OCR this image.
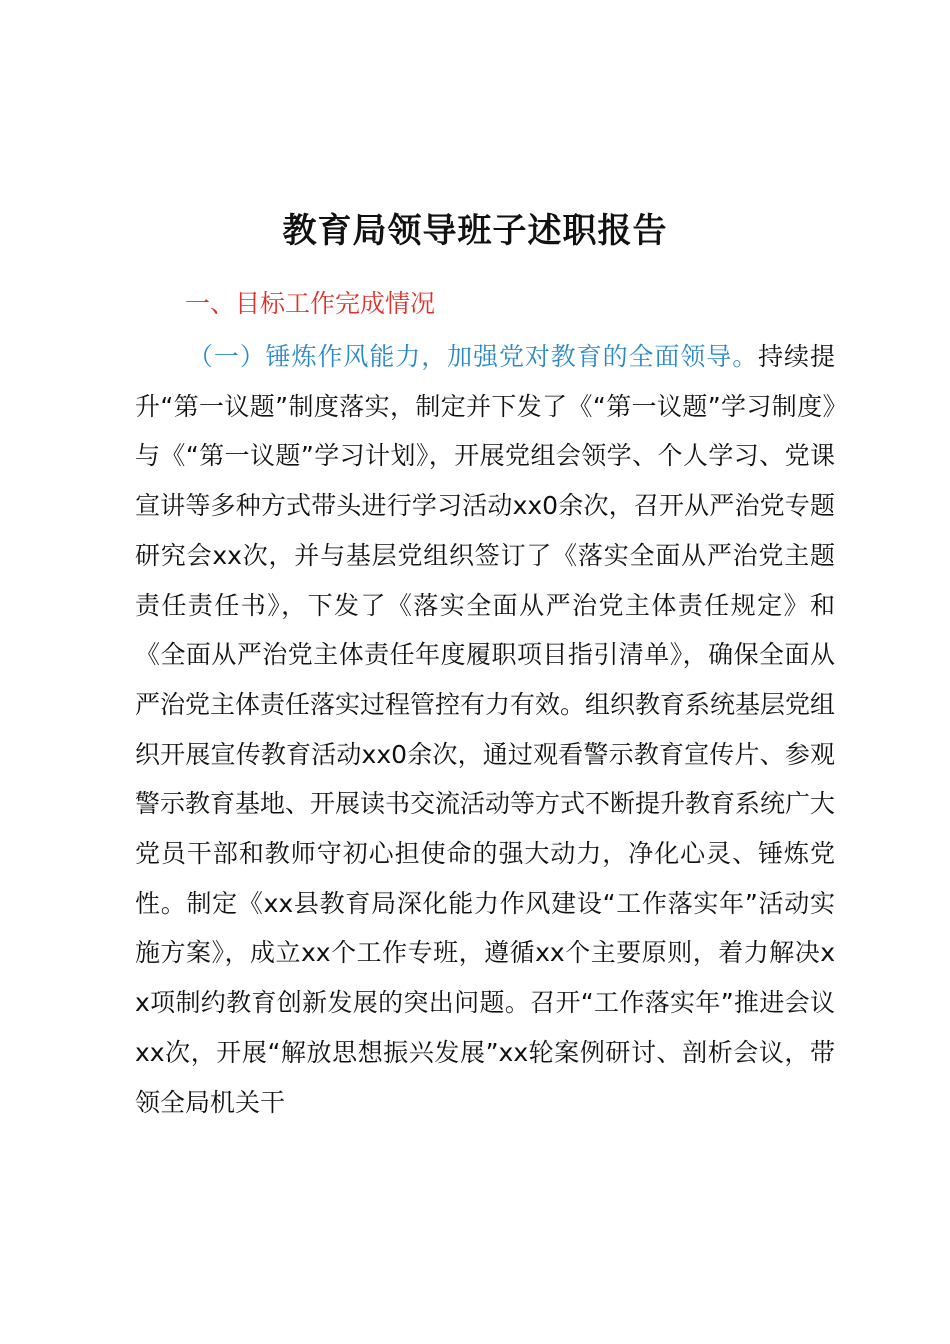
教育局领导班子述职报告
一、目标工作完成情况
（一）锤炼作风能力，加强党对教育的全面领导。持续提升“第一议题”制度落实，制定并下发了《“第一议题”学习制度》与《“第一议题”学习计划》，开展党组会领学、个人学习、党课宣讲等多种方式带头进行学习活动xx0余次，召开从严治党专题研究会xx次，并与基层党组织签订了《落实全面从严治党主题责任责任书》，下发了《落实全面从严治党主体责任规定》和《全面从严治党主体责任年度履职项目指引清单》，确保全面从严治党主体责任落实过程管控有力有效。组织教育系统基层党组织开展宣传教育活动xx0余次，通过观看警示教育宣传片、参观警示教育基地、开展读书交流活动等方式不断提升教育系统广大党员干部和教师守初心担使命的强大动力，净化心灵、锤炼党性。制定《xx县教育局深化能力作风建设“工作落实年”活动实施方案》，成立xx个工作专班，遵循xx个主要原则，着力解决xx项制约教育创新发展的突出问题。召开“工作落实年”推进会议xx次，开展“解放思想振兴发展”xx轮案例研讨、剖析会议，带领全局机关干
